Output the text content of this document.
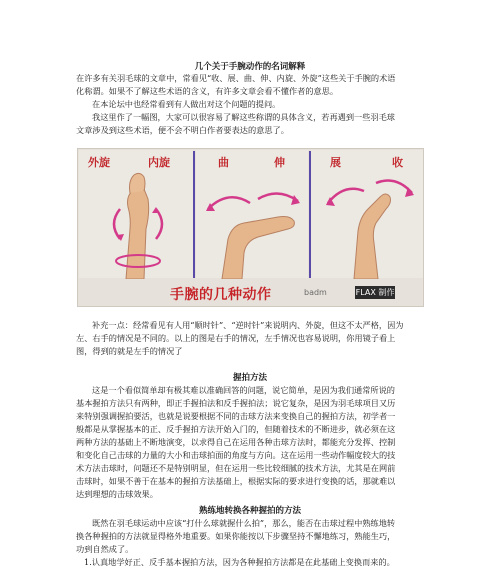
几个关于手腕动作的名词解释
在许多有关羽毛球的文章中，常看见“收、展、曲、伸、内旋、外旋”这些关于手腕的术语
化称谓。如果不了解这些术语的含义，有许多文章会看不懂作者的意思。
在本论坛中也经常看到有人做出对这个问题的提问。
我这里作了一幅图，大家可以很容易了解这些称谓的具体含义，若再遇到一些羽毛球
文章涉及到这些术语，便不会不明白作者要表达的意思了。
外旋	内旋	曲	伸	展	收
手腕的几种动作	badm	FLAX 制作
补充一点：经常看见有人用“顺时针”、“逆时针”来说明内、外旋，但这不太严格，因为
左、右手的情况是不同的。以上的图是右手的情况，左手情况也容易说明，你用镜子看上
图，得到的就是左手的情况了
握拍方法
这是一个看似简单却有极其难以准确回答的问题，说它简单，是因为我们通常所说的
基本握拍方法只有两种，即正手握拍法和反手握拍法；说它复杂，是因为羽毛球项目又历
来特别强调握拍要活，也就是说要根据不同的击球方法来变换自己的握拍方法，初学者一
般都是从掌握基本的正、反手握拍方法开始入门的，但随着技术的不断进步，就必须在这
两种方法的基础上不断地演变，以求得自己在运用各种击球方法时，都能充分发挥、控制
和变化自己击球的力量的大小和击球拍面的角度与方向。这在运用一些动作幅度较大的技
术方法击球时，问题还不是特别明显，但在运用一些比较细腻的技术方法，尤其是在网前
击球时，如果不善于在基本的握拍方法基础上，根据实际的要求进行变换的话，那就难以
达到理想的击球效果。
熟练地转换各种握拍的方法
既然在羽毛球运动中应该“打什么球就握什么拍”，那么，能否在击球过程中熟练地转
换各种握拍的方法就显得格外地重要。如果你能按以下步骤坚持不懈地练习，熟能生巧，
功到自然成了。
1.认真地学好正、反手基本握拍方法，因为各种握拍方法都是在此基础上变换而来的。
